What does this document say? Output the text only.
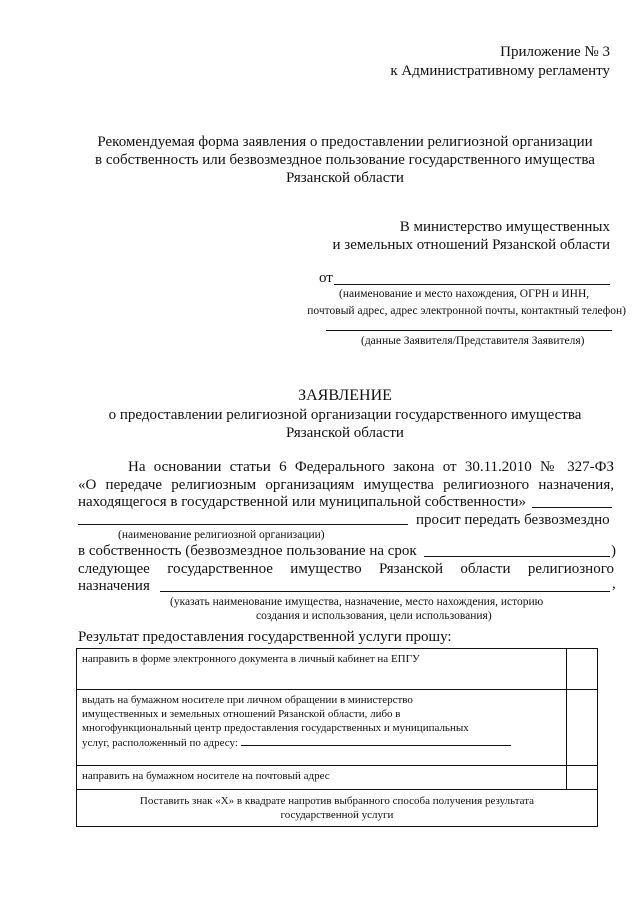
Приложение № 3
к Административному регламенту
Рекомендуемая форма заявления о предоставлении религиозной организации
в собственность или безвозмездное пользование государственного имущества
Рязанской области
В министерство имущественных
и земельных отношений Рязанской области
от
(наименование и место нахождения, ОГРН и ИНН,
почтовый адрес, адрес электронной почты, контактный телефон)
(данные Заявителя/Представителя Заявителя)
ЗАЯВЛЕНИЕ
о предоставлении религиозной организации государственного имущества
Рязанской области
На основании статьи 6 Федерального закона от 30.11.2010 № 327-ФЗ
«О передаче религиозным организациям имущества религиозного назначения,
находящегося в государственной или муниципальной собственности»
просит передать безвозмездно
(наименование религиозной организации)
в собственность (безвозмездное пользование на срок	)
следующее государственное имущество Рязанской области религиозного
назначения	,
(указать наименование имущества, назначение, место нахождения, историю
создания и использования, цели использования)
Результат предоставления государственной услуги прошу:
направить в форме электронного документа в личный кабинет на ЕПГУ	

выдать на бумажном носителе при личном обращении в министерство
имущественных и земельных отношений Рязанской области, либо в
многофункциональный центр предоставления государственных и муниципальных
услуг, расположенный по адресу:	

направить на бумажном носителе на почтовый адрес	

Поставить знак «Х» в квадрате напротив выбранного способа получения результата
государственной услуги	
